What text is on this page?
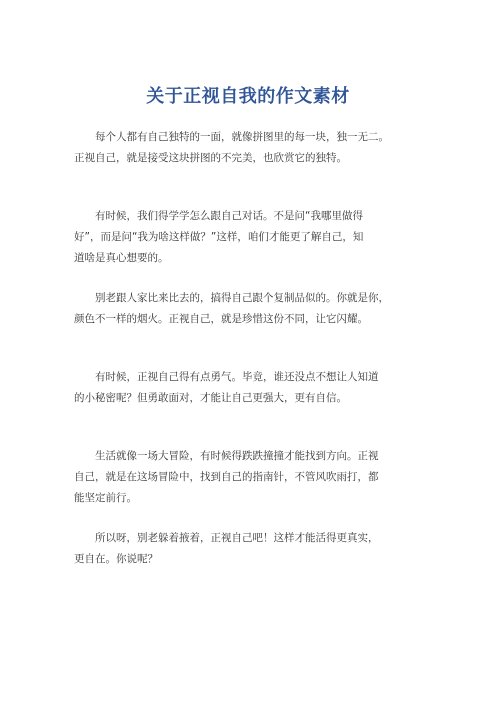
关于正视自我的作文素材
每个人都有自己独特的一面，就像拼图里的每一块，独一无二。
正视自己，就是接受这块拼图的不完美，也欣赏它的独特。
有时候，我们得学学怎么跟自己对话。不是问“我哪里做得
好”，而是问“我为啥这样做？”这样，咱们才能更了解自己，知
道啥是真心想要的。
别老跟人家比来比去的，搞得自己跟个复制品似的。你就是你，
颜色不一样的烟火。正视自己，就是珍惜这份不同，让它闪耀。
有时候，正视自己得有点勇气。毕竟，谁还没点不想让人知道
的小秘密呢？但勇敢面对，才能让自己更强大，更有自信。
生活就像一场大冒险，有时候得跌跌撞撞才能找到方向。正视
自己，就是在这场冒险中，找到自己的指南针，不管风吹雨打，都
能坚定前行。
所以呀，别老躲着掖着，正视自己吧！这样才能活得更真实，
更自在。你说呢？
